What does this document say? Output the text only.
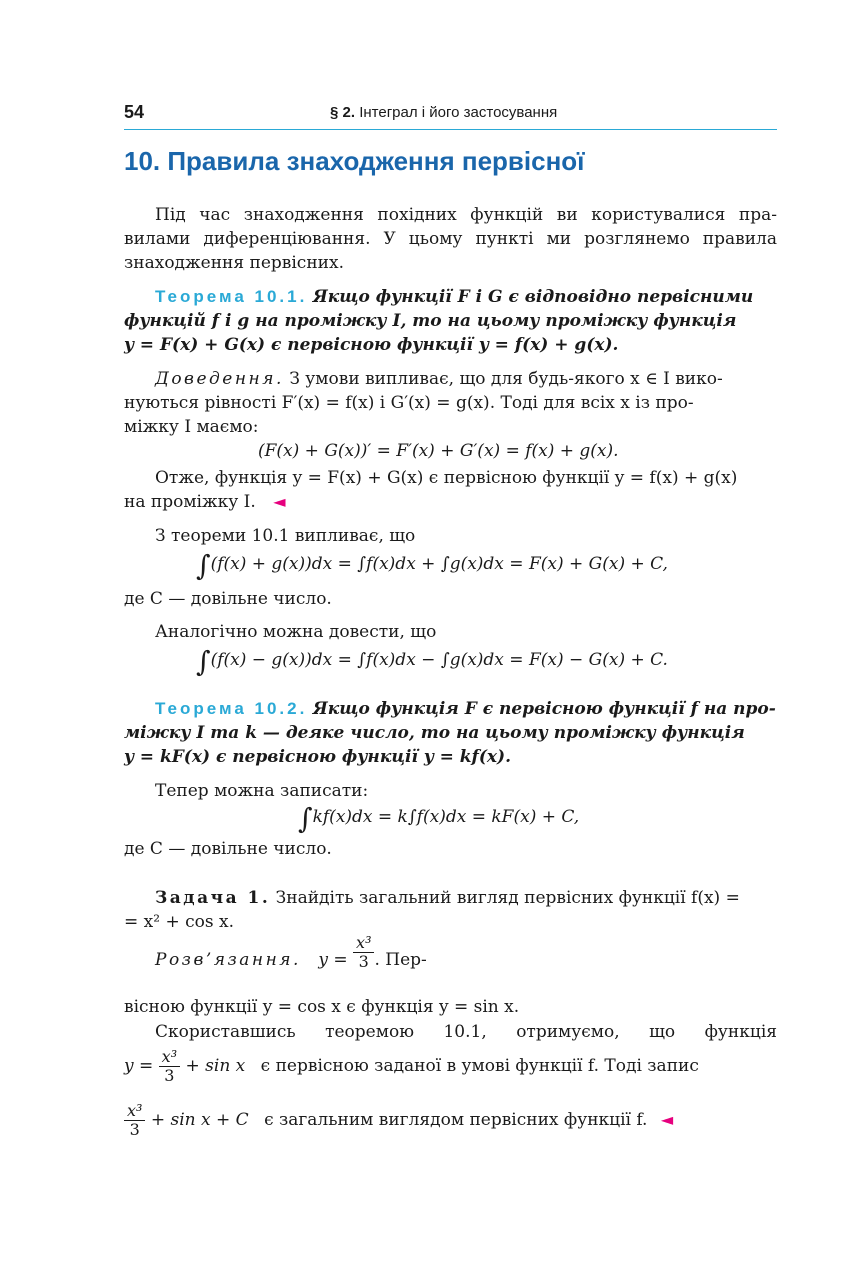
54	§ 2. Інтеграл і його застосування
10. Правила знаходження первісної
Під час знаходження похідних функцій ви користувалися пра-
вилами диференціювання. У цьому пункті ми розглянемо правила
знаходження первісних.
Теорема 10.1. Якщо функції F і G є відповідно первісними
функцій f і g на проміжку I, то на цьому проміжку функція
y = F(x) + G(x) є первісною функції y = f(x) + g(x).
Доведення. З умови випливає, що для будь-якого x ∈ I вико-
нуються рівності F′(x) = f(x) і G′(x) = g(x). Тоді для всіх x із про-
міжку I маємо:
(F(x) + G(x))′ = F′(x) + G′(x) = f(x) + g(x).
Отже, функція y = F(x) + G(x) є первісною функції y = f(x) + g(x)
на проміжку I. ◄
З теореми 10.1 випливає, що
∫(f(x) + g(x))dx = ∫f(x)dx + ∫g(x)dx = F(x) + G(x) + C,
де C — довільне число.
Аналогічно можна довести, що
∫(f(x) − g(x))dx = ∫f(x)dx − ∫g(x)dx = F(x) − G(x) + C.
Теорема 10.2. Якщо функція F є первісною функції f на про-
міжку I та k — деяке число, то на цьому проміжку функція
y = kF(x) є первісною функції y = kf(x).
Тепер можна записати:
∫kf(x)dx = k∫f(x)dx = kF(x) + C,
де C — довільне число.
Задача 1. Знайдіть загальний вигляд первісних функції f(x) =
= x² + cos x.
Розв’язання. $y = \frac{\text{x³}}{3}$ . Пер-
вісною функції y = cos x є функція y = sin x.
Скориставшись теоремою 10.1, отримуємо, що функція
$y = \frac{\text{x³}}{3} + \sin x$ є первісною заданої в умові функції f. Тоді запис
$\frac{\text{x³}}{3} + \sin x + C$ є загальним виглядом первісних функції f. ◄
